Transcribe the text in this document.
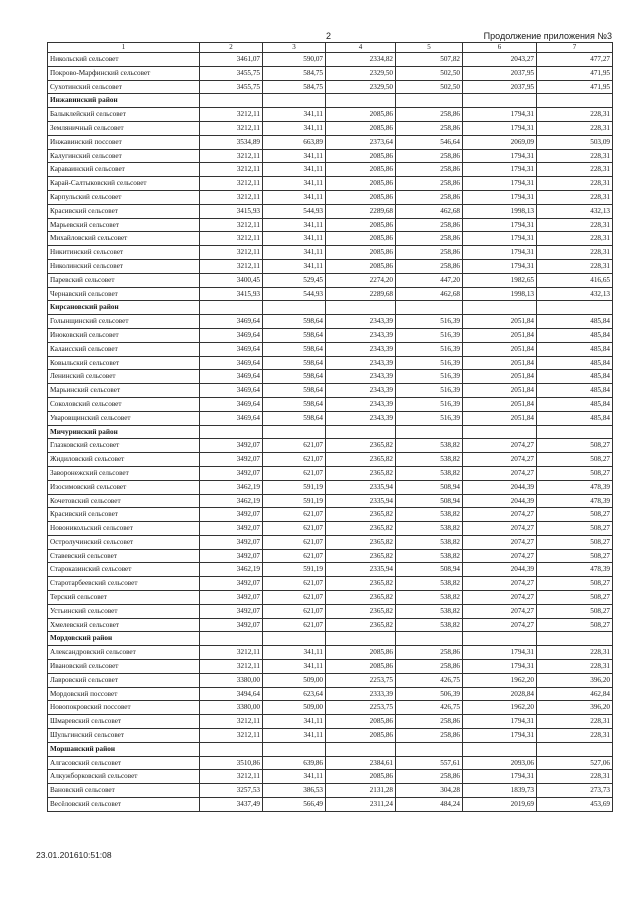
2	Продолжение приложения №3
1	2	3	4	5	6	7
Никольский сельсовет	3461,07	590,07	2334,82	507,82	2043,27	477,27
Покрово-Марфинский сельсовет	3455,75	584,75	2329,50	502,50	2037,95	471,95
Сухотинский сельсовет	3455,75	584,75	2329,50	502,50	2037,95	471,95
Инжавинский район						
Балыклейский сельсовет	3212,11	341,11	2085,86	258,86	1794,31	228,31
Земляничный сельсовет	3212,11	341,11	2085,86	258,86	1794,31	228,31
Инжавинский поссовет	3534,89	663,89	2373,64	546,64	2069,09	503,09
Калугинский сельсовет	3212,11	341,11	2085,86	258,86	1794,31	228,31
Караваинский сельсовет	3212,11	341,11	2085,86	258,86	1794,31	228,31
Карай-Салтыковский сельсовет	3212,11	341,11	2085,86	258,86	1794,31	228,31
Карпульский сельсовет	3212,11	341,11	2085,86	258,86	1794,31	228,31
Красивский сельсовет	3415,93	544,93	2289,68	462,68	1998,13	432,13
Марьевский сельсовет	3212,11	341,11	2085,86	258,86	1794,31	228,31
Михайловский сельсовет	3212,11	341,11	2085,86	258,86	1794,31	228,31
Никитинский сельсовет	3212,11	341,11	2085,86	258,86	1794,31	228,31
Николинский сельсовет	3212,11	341,11	2085,86	258,86	1794,31	228,31
Паревский сельсовет	3400,45	529,45	2274,20	447,20	1982,65	416,65
Чернавский сельсовет	3415,93	544,93	2289,68	462,68	1998,13	432,13
Кирсановский район						
Голынщинский сельсовет	3469,64	598,64	2343,39	516,39	2051,84	485,84
Иноковский сельсовет	3469,64	598,64	2343,39	516,39	2051,84	485,84
Калаисский сельсовет	3469,64	598,64	2343,39	516,39	2051,84	485,84
Ковыльский сельсовет	3469,64	598,64	2343,39	516,39	2051,84	485,84
Ленинский сельсовет	3469,64	598,64	2343,39	516,39	2051,84	485,84
Марьинский сельсовет	3469,64	598,64	2343,39	516,39	2051,84	485,84
Соколовский сельсовет	3469,64	598,64	2343,39	516,39	2051,84	485,84
Уваровщинский сельсовет	3469,64	598,64	2343,39	516,39	2051,84	485,84
Мичуринский район						
Глазковский сельсовет	3492,07	621,07	2365,82	538,82	2074,27	508,27
Жидиловский сельсовет	3492,07	621,07	2365,82	538,82	2074,27	508,27
Заворонежский сельсовет	3492,07	621,07	2365,82	538,82	2074,27	508,27
Изосимовский сельсовет	3462,19	591,19	2335,94	508,94	2044,39	478,39
Кочетовский сельсовет	3462,19	591,19	2335,94	508,94	2044,39	478,39
Красивский сельсовет	3492,07	621,07	2365,82	538,82	2074,27	508,27
Новоникольский сельсовет	3492,07	621,07	2365,82	538,82	2074,27	508,27
Остролучинский сельсовет	3492,07	621,07	2365,82	538,82	2074,27	508,27
Ставевский сельсовет	3492,07	621,07	2365,82	538,82	2074,27	508,27
Староказинский сельсовет	3462,19	591,19	2335,94	508,94	2044,39	478,39
Старотарбеевский сельсовет	3492,07	621,07	2365,82	538,82	2074,27	508,27
Терский сельсовет	3492,07	621,07	2365,82	538,82	2074,27	508,27
Устьинский сельсовет	3492,07	621,07	2365,82	538,82	2074,27	508,27
Хмелевский сельсовет	3492,07	621,07	2365,82	538,82	2074,27	508,27
Мордовский район						
Александровский сельсовет	3212,11	341,11	2085,86	258,86	1794,31	228,31
Ивановский сельсовет	3212,11	341,11	2085,86	258,86	1794,31	228,31
Лавровский сельсовет	3380,00	509,00	2253,75	426,75	1962,20	396,20
Мордовский поссовет	3494,64	623,64	2333,39	506,39	2028,84	462,84
Новопокровский поссовет	3380,00	509,00	2253,75	426,75	1962,20	396,20
Шмаревский сельсовет	3212,11	341,11	2085,86	258,86	1794,31	228,31
Шульгинский сельсовет	3212,11	341,11	2085,86	258,86	1794,31	228,31
Моршанский район						
Алгасовский сельсовет	3510,86	639,86	2384,61	557,61	2093,06	527,06
Алкужборковский сельсовет	3212,11	341,11	2085,86	258,86	1794,31	228,31
Вановский сельсовет	3257,53	386,53	2131,28	304,28	1839,73	273,73
Весёловский сельсовет	3437,49	566,49	2311,24	484,24	2019,69	453,69
23.01.201610:51:08
